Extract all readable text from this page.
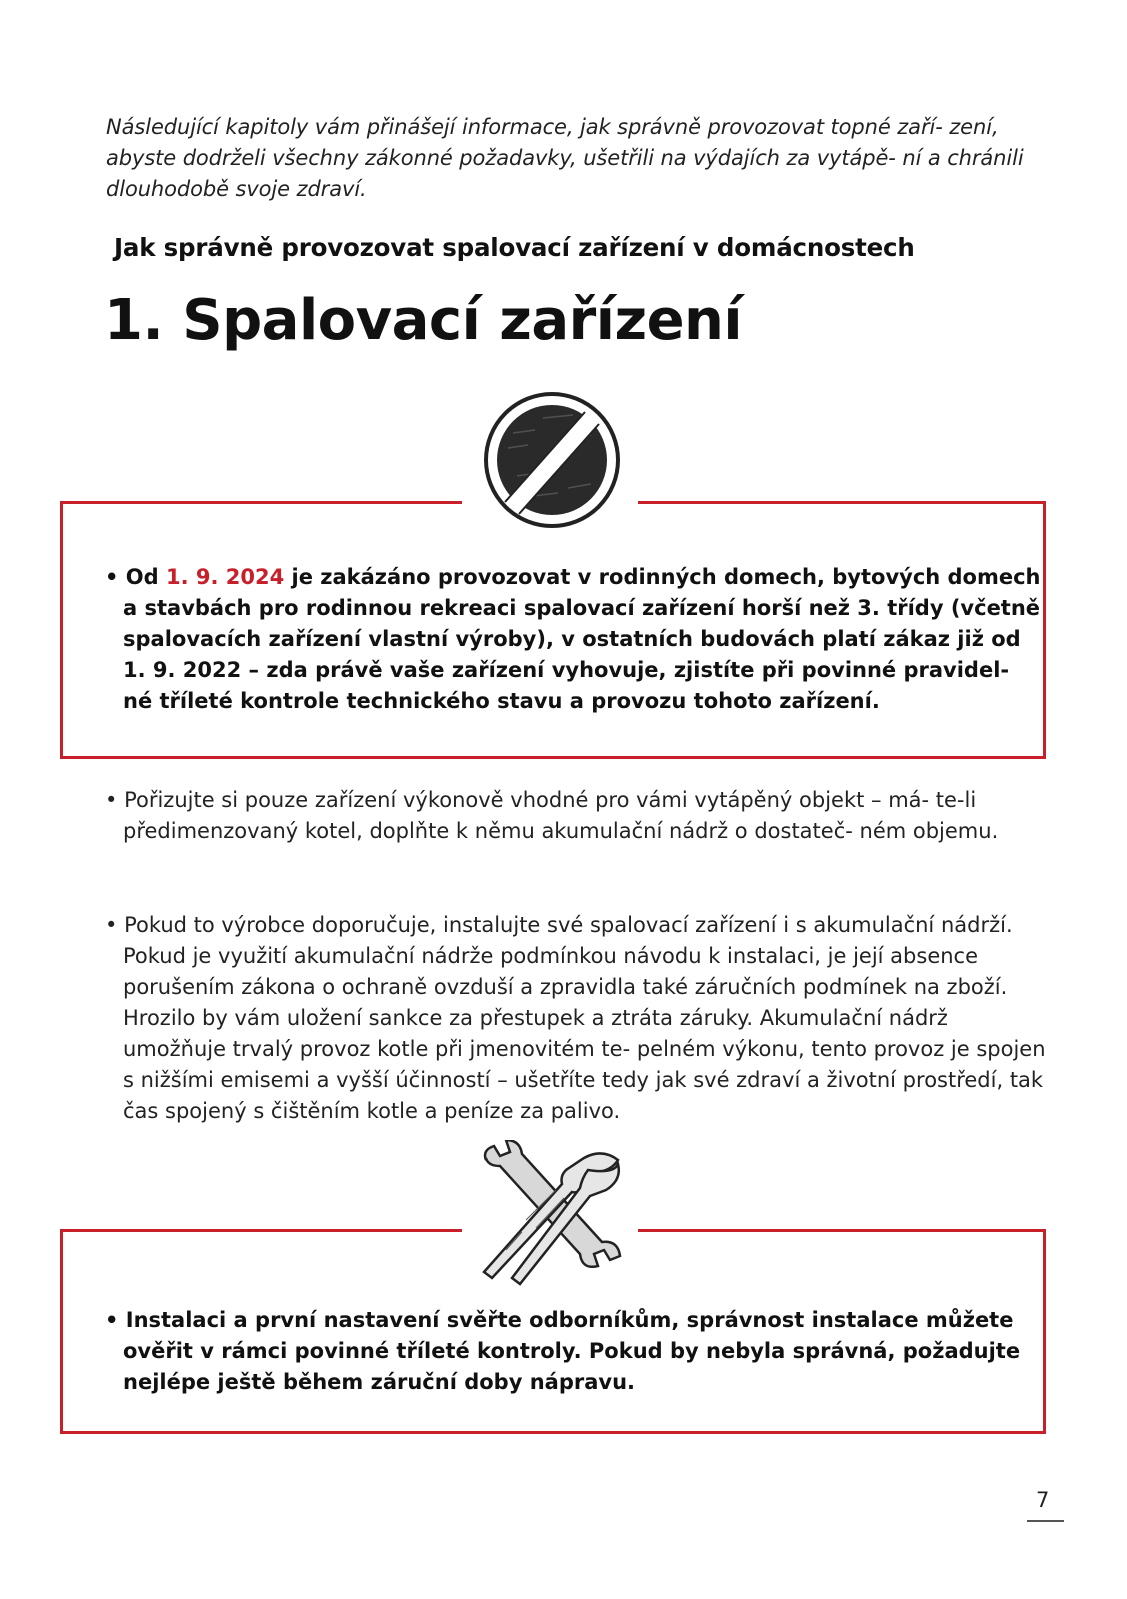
Následující kapitoly vám přinášejí informace, jak správně provozovat topné zaří- zení, abyste dodrželi všechny zákonné požadavky, ušetřili na výdajích za vytápě- ní a chránili dlouhodobě svoje zdraví.

Jak správně provozovat spalovací zařízení v domácnostech
1. Spalovací zařízení

• Od 1. 9. 2024 je zakázáno provozovat v rodinných domech, bytových domech a stavbách pro rodinnou rekreaci spalovací zařízení horší než 3. třídy (včetně spalovacích zařízení vlastní výroby), v ostatních budovách platí zákaz již od 1. 9. 2022 – zda právě vaše zařízení vyhovuje, zjistíte při povinné pravidel- né tříleté kontrole technického stavu a provozu tohoto zařízení.

• Pořizujte si pouze zařízení výkonově vhodné pro vámi vytápěný objekt – má- te-li předimenzovaný kotel, doplňte k němu akumulační nádrž o dostateč- ném objemu.

• Pokud to výrobce doporučuje, instalujte své spalovací zařízení i s akumulační nádrží. Pokud je využití akumulační nádrže podmínkou návodu k instalaci, je její absence porušením zákona o ochraně ovzduší a zpravidla také záručních podmínek na zboží. Hrozilo by vám uložení sankce za přestupek a ztráta záruky. Akumulační nádrž umožňuje trvalý provoz kotle při jmenovitém te- pelném výkonu, tento provoz je spojen s nižšími emisemi a vyšší účinností – ušetříte tedy jak své zdraví a životní prostředí, tak čas spojený s čištěním kotle a peníze za palivo.

• Instalaci a první nastavení svěřte odborníkům, správnost instalace můžete ověřit v rámci povinné tříleté kontroly. Pokud by nebyla správná, požadujte nejlépe ještě během záruční doby nápravu.

7
